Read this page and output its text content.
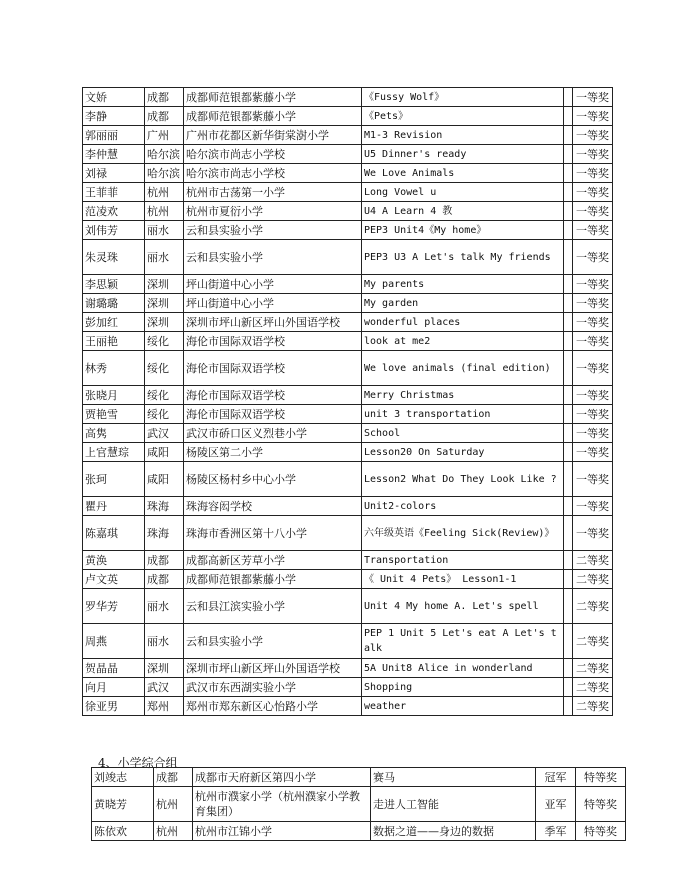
文娇	成都	成都师范银都紫藤小学	《Fussy Wolf》		一等奖
李静	成都	成都师范银都紫藤小学	《Pets》		一等奖
郭丽丽	广州	广州市花都区新华街棠澍小学	M1-3 Revision		一等奖
李仲慧	哈尔滨	哈尔滨市尚志小学校	U5 Dinner's ready		一等奖
刘禄	哈尔滨	哈尔滨市尚志小学校	We Love Animals		一等奖
王菲菲	杭州	杭州市古荡第一小学	Long Vowel u		一等奖
范凌欢	杭州	杭州市夏衍小学	U4 A Learn 4 教		一等奖
刘伟芳	丽水	云和县实验小学	PEP3 Unit4《My home》		一等奖
朱灵珠	丽水	云和县实验小学	PEP3 U3 A Let's talk My friends		一等奖
李思颖	深圳	坪山街道中心小学	My parents		一等奖
谢璐璐	深圳	坪山街道中心小学	My garden		一等奖
彭加红	深圳	深圳市坪山新区坪山外国语学校	wonderful places		一等奖
王丽艳	绥化	海伦市国际双语学校	look at me2		一等奖
林秀	绥化	海伦市国际双语学校	We love animals (final edition)		一等奖
张晓月	绥化	海伦市国际双语学校	Merry Christmas		一等奖
贾艳雪	绥化	海伦市国际双语学校	unit 3 transportation		一等奖
高隽	武汉	武汉市硚口区义烈巷小学	School		一等奖
上官慧琮	咸阳	杨陵区第二小学	Lesson20 On Saturday		一等奖
张珂	咸阳	杨陵区杨村乡中心小学	Lesson2 What Do They Look Like ?		一等奖
瞿丹	珠海	珠海容闳学校	Unit2-colors		一等奖
陈嘉琪	珠海	珠海市香洲区第十八小学	六年级英语《Feeling Sick(Review)》		一等奖
黄涣	成都	成都高新区芳草小学	Transportation		二等奖
卢文英	成都	成都师范银都紫藤小学	《 Unit 4 Pets》 Lesson1-1		二等奖
罗华芳	丽水	云和县江滨实验小学	Unit 4 My home A. Let's spell		二等奖
周燕	丽水	云和县实验小学	PEP 1 Unit 5 Let's eat A Let's talk		二等奖
贺晶晶	深圳	深圳市坪山新区坪山外国语学校	5A Unit8 Alice in wonderland		二等奖
向月	武汉	武汉市东西湖实验小学	Shopping		二等奖
徐亚男	郑州	郑州市郑东新区心怡路小学	weather		二等奖
4、小学综合组
刘竣志	成都	成都市天府新区第四小学	赛马	冠军	特等奖
黄晓芳	杭州	杭州市濮家小学（杭州濮家小学教育集团）	走进人工智能	亚军	特等奖
陈依欢	杭州	杭州市江锦小学	数据之道——身边的数据	季军	特等奖
